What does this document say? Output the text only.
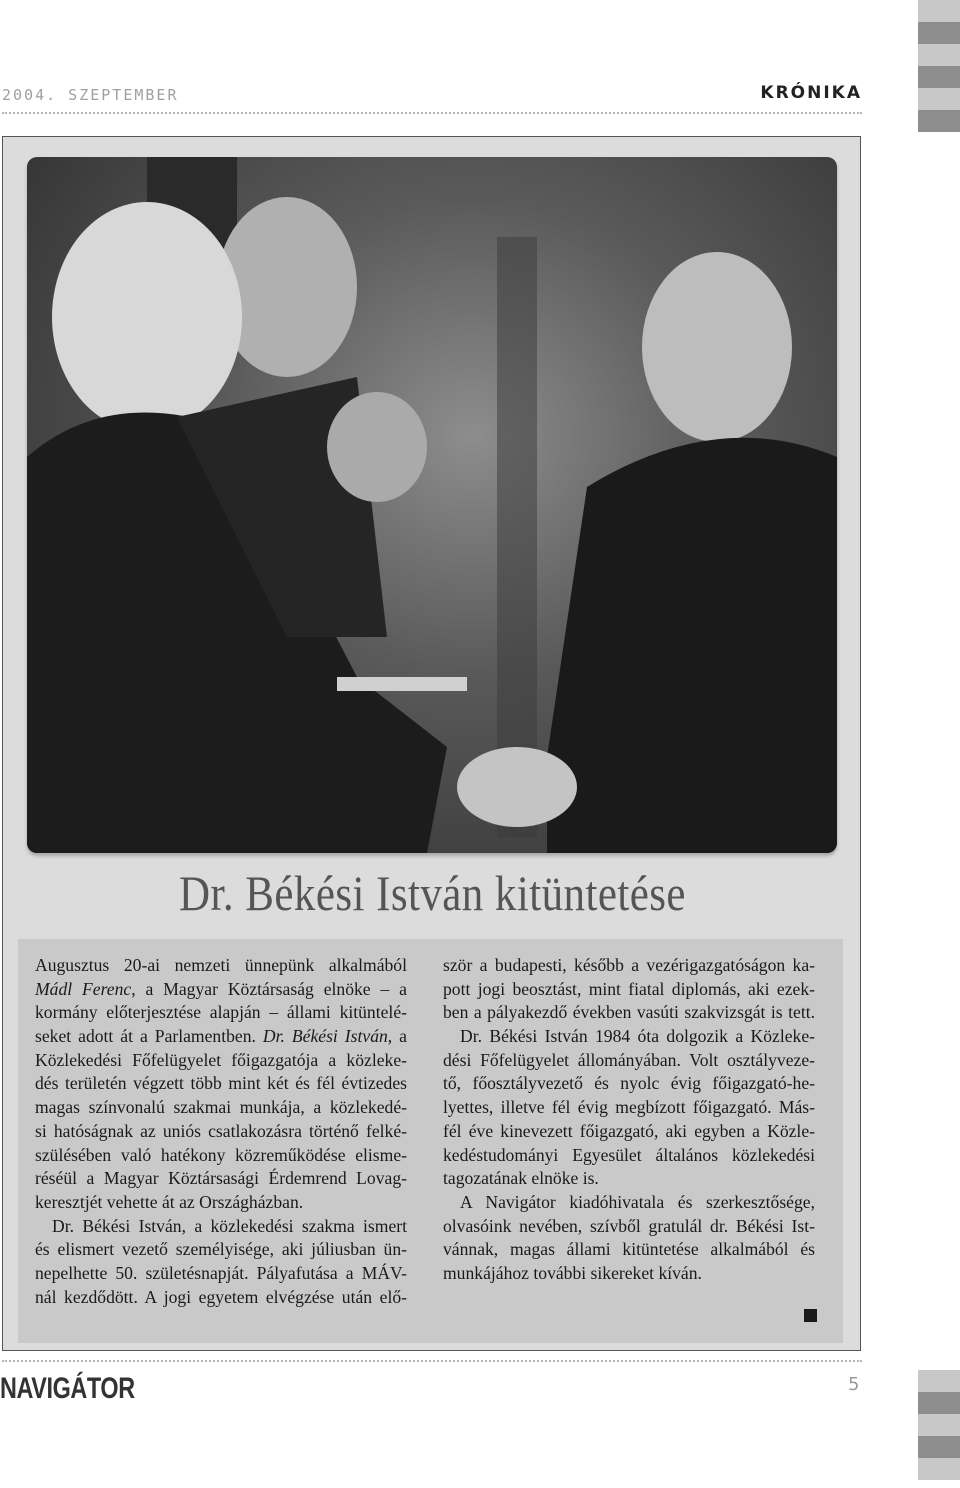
2004. SZEPTEMBER	KRÓNIKA
Dr. Békési István kitüntetése
Augusztus 20-ai nemzeti ünnepünk alkalmából
Mádl Ferenc, a Magyar Köztársaság elnöke – a
kormány előterjesztése alapján – állami kitüntelé-
seket adott át a Parlamentben. Dr. Békési István, a
Közlekedési Főfelügyelet főigazgatója a közleke-
dés területén végzett több mint két és fél évtizedes
magas színvonalú szakmai munkája, a közlekedé-
si hatóságnak az uniós csatlakozásra történő felké-
szülésében való hatékony közreműködése elisme-
réséül a Magyar Köztársasági Érdemrend Lovag-
keresztjét vehette át az Országházban.
Dr. Békési István, a közlekedési szakma ismert
és elismert vezető személyisége, aki júliusban ün-
nepelhette 50. születésnapját. Pályafutása a MÁV-
nál kezdődött. A jogi egyetem elvégzése után elő-
ször a budapesti, később a vezérigazgatóságon ka-
pott jogi beosztást, mint fiatal diplomás, aki ezek-
ben a pályakezdő években vasúti szakvizsgát is tett.
Dr. Békési István 1984 óta dolgozik a Közleke-
dési Főfelügyelet állományában. Volt osztályveze-
tő, főosztályvezető és nyolc évig főigazgató-he-
lyettes, illetve fél évig megbízott főigazgató. Más-
fél éve kinevezett főigazgató, aki egyben a Közle-
kedéstudományi Egyesület általános közlekedési
tagozatának elnöke is.
A Navigátor kiadóhivatala és szerkesztősége,
olvasóink nevében, szívből gratulál dr. Békési Ist-
vánnak, magas állami kitüntetése alkalmából és
munkájához további sikereket kíván.
NAVIGÁTOR	5
